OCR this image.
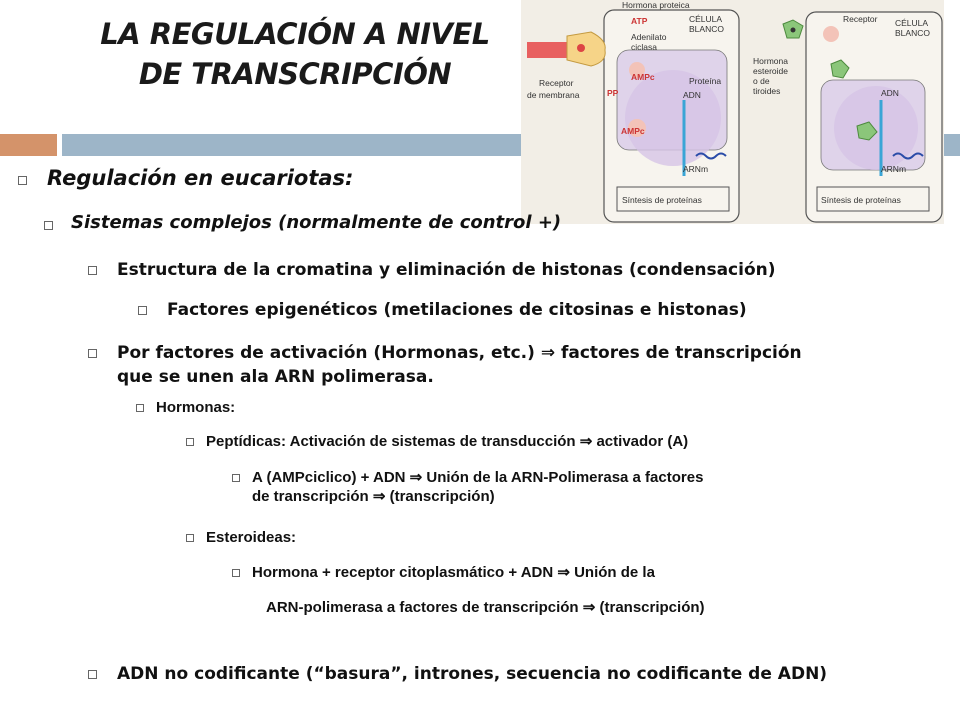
LA REGULACIÓN A NIVEL
DE TRANSCRIPCIÓN
Hormona proteica
ATP
Adenilato
ciclasa
AMPc
PP
Receptor
de membrana
Proteína
CÉLULA
BLANCO
ADN
AMPc
ARNm
Síntesis de proteínas
Receptor CÉLULA
BLANCO
Hormona
esteroide
o de
tiroides	ADN
ARNm
Síntesis de proteínas
Regulación en eucariotas:
Sistemas complejos (normalmente de control +)
Estructura de la cromatina y eliminación de histonas (condensación)
Factores epigenéticos (metilaciones de citosinas e histonas)
Por factores de activación (Hormonas, etc.) ⇒ factores de transcripción
que se unen ala ARN polimerasa.
Hormonas:
Peptídicas: Activación de sistemas de transducción ⇒ activador (A)
A (AMPciclico) + ADN ⇒ Unión de la ARN-Polimerasa a factores
de transcripción ⇒ (transcripción)
Esteroideas:
Hormona + receptor citoplasmático + ADN ⇒ Unión de la
ARN-polimerasa a factores de transcripción ⇒ (transcripción)
ADN no codificante (“basura”, intrones, secuencia no codificante de ADN)
